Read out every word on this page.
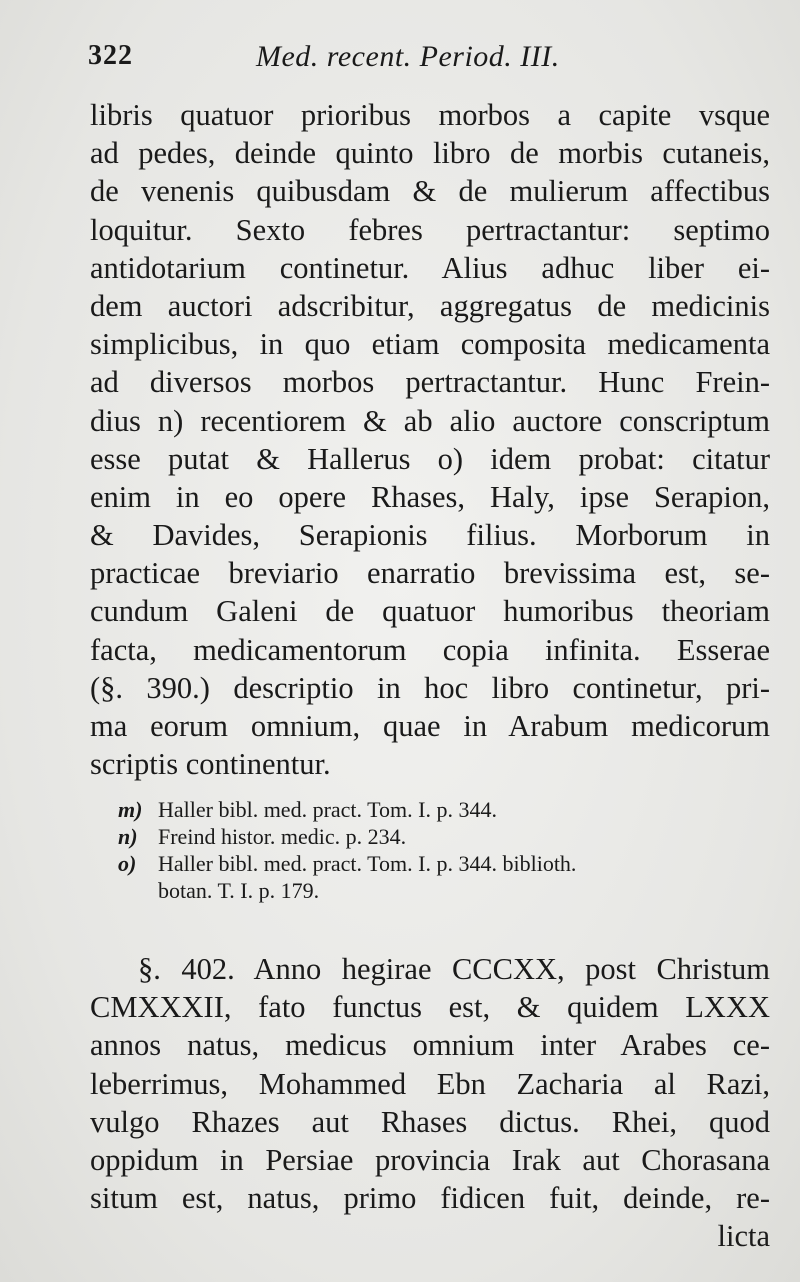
322	Med. recent. Period. III.
libris quatuor prioribus morbos a capite vsque
ad pedes, deinde quinto libro de morbis cutaneis,
de venenis quibusdam & de mulierum affectibus
loquitur. Sexto febres pertractantur: septimo
antidotarium continetur. Alius adhuc liber ei-
dem auctori adscribitur, aggregatus de medicinis
simplicibus, in quo etiam composita medicamenta
ad diversos morbos pertractantur. Hunc Frein-
dius n) recentiorem & ab alio auctore conscriptum
esse putat & Hallerus o) idem probat: citatur
enim in eo opere Rhases, Haly, ipse Serapion,
& Davides, Serapionis filius. Morborum in
practicae breviario enarratio brevissima est, se-
cundum Galeni de quatuor humoribus theoriam
facta, medicamentorum copia infinita. Esserae
(§. 390.) descriptio in hoc libro continetur, pri-
ma eorum omnium, quae in Arabum medicorum
scriptis continentur.
m) Haller bibl. med. pract. Tom. I. p. 344.
n) Freind histor. medic. p. 234.
o) Haller bibl. med. pract. Tom. I. p. 344. biblioth.
botan. T. I. p. 179.
§. 402. Anno hegirae CCCXX, post Christum
CMXXXII, fato functus est, & quidem LXXX
annos natus, medicus omnium inter Arabes ce-
leberrimus, Mohammed Ebn Zacharia al Razi,
vulgo Rhazes aut Rhases dictus. Rhei, quod
oppidum in Persiae provincia Irak aut Chorasana
situm est, natus, primo fidicen fuit, deinde, re-
licta
